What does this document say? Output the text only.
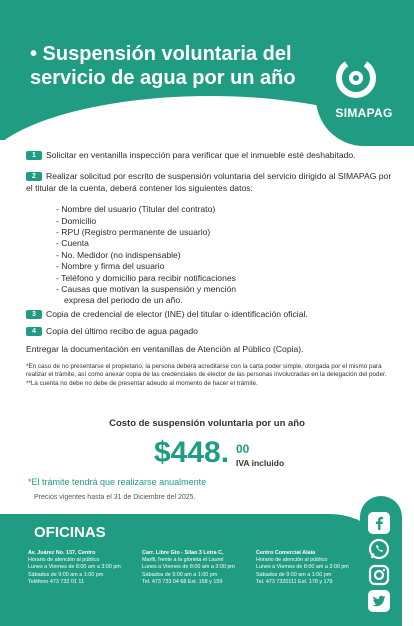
• Suspensión voluntaria del
servicio de agua por un año
SIMAPAG
1 Solicitar en ventanilla inspección para verificar que el inmueble esté deshabitado.
2 Realizar solicitud por escrito de suspensión voluntaria del servicio dirigido al SIMAPAG por el titular de la cuenta, deberá contener los siguientes datos:
- Nombre del usuario (Titular del contrato)
- Domicilio
- RPU (Registro permanente de usuario)
- Cuenta
- No. Medidor (no indispensable)
- Nombre y firma del usuario
- Teléfono y domicilio para recibir notificaciones
- Causas que motivan la suspensión y mención
expresa del periodo de un año.
3 Copia de credencial de elector (INE) del titular o identificación oficial.
4 Copia del último recibo de agua pagado
Entregar la documentación en ventanillas de Atención al Público (Copia).
*En caso de no presentarse el propietario, la persona deberá acreditarse con la carta poder simple, otorgada por el mismo para realizar el trámite, así como anexar copia de las credenciales de elector de las personas involucradas en la delegación del poder.
**La cuenta no debe no debe de presentar adeudo al momento de hacer el trámite.
Costo de suspensión voluntaria por un año
$448. 00
IVA incluido
*El trámite tendrá que realizarse anualmente
Precios vigentes hasta el 31 de Diciembre del 2025.
OFICINAS
Av. Juárez No. 137, Centro
Horario de atención al público
Lunes a Viernes de 8:00 am a 3:00 pm
Sábados de 9:00 am a 1:00 pm
Teléfono 473 732 01 11
Carr. Libre Gto - Silao 3 Letra C,
Marfil, frente a la glorieta el Laurel
Lunes a Viernes de 8:00 am a 3:00 pm
Sábados de 9:00 am a 1:00 pm
Tel. 473 733 04 68 Ext. 158 y 159
Centro Comercial Alaïa
Horario de atención al público
Lunes a Viernes de 8:00 am a 3:00 pm
Sábados de 9:00 am a 1:00 pm
Tel. 473 7320111 Ext. 178 y 179
